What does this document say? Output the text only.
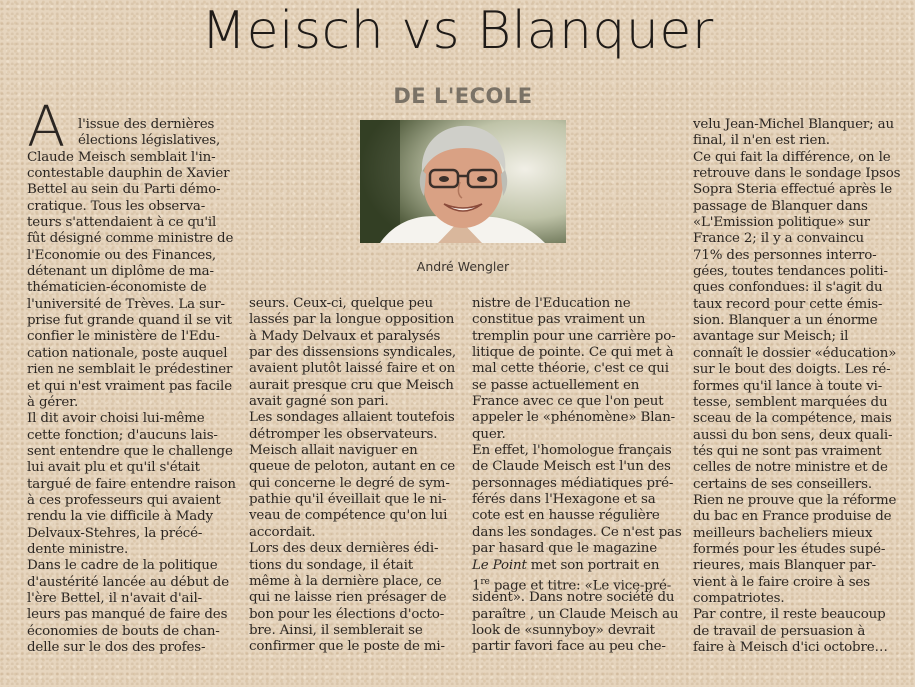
Meisch vs Blanquer
DE L'ECOLE
André Wengler
A l'issue des dernières
élections législatives,
Claude Meisch semblait l'in-
contestable dauphin de Xavier
Bettel au sein du Parti démo-
cratique. Tous les observa-
teurs s'attendaient à ce qu'il
fût désigné comme ministre de
l'Economie ou des Finances,
détenant un diplôme de ma-
thématicien-économiste de
l'université de Trèves. La sur-
prise fut grande quand il se vit
confier le ministère de l'Edu-
cation nationale, poste auquel
rien ne semblait le prédestiner
et qui n'est vraiment pas facile
à gérer.
Il dit avoir choisi lui-même
cette fonction; d'aucuns lais-
sent entendre que le challenge
lui avait plu et qu'il s'était
targué de faire entendre raison
à ces professeurs qui avaient
rendu la vie difficile à Mady
Delvaux-Stehres, la précé-
dente ministre.
Dans le cadre de la politique
d'austérité lancée au début de
l'ère Bettel, il n'avait d'ail-
leurs pas manqué de faire des
économies de bouts de chan-
delle sur le dos des profes-
seurs. Ceux-ci, quelque peu
lassés par la longue opposition
à Mady Delvaux et paralysés
par des dissensions syndicales,
avaient plutôt laissé faire et on
aurait presque cru que Meisch
avait gagné son pari.
Les sondages allaient toutefois
détromper les observateurs.
Meisch allait naviguer en
queue de peloton, autant en ce
qui concerne le degré de sym-
pathie qu'il éveillait que le ni-
veau de compétence qu'on lui
accordait.
Lors des deux dernières édi-
tions du sondage, il était
même à la dernière place, ce
qui ne laisse rien présager de
bon pour les élections d'octo-
bre. Ainsi, il semblerait se
confirmer que le poste de mi-
nistre de l'Education ne
constitue pas vraiment un
tremplin pour une carrière po-
litique de pointe. Ce qui met à
mal cette théorie, c'est ce qui
se passe actuellement en
France avec ce que l'on peut
appeler le «phénomène» Blan-
quer.
En effet, l'homologue français
de Claude Meisch est l'un des
personnages médiatiques pré-
férés dans l'Hexagone et sa
cote est en hausse régulière
dans les sondages. Ce n'est pas
par hasard que le magazine
Le Point met son portrait en
1re page et titre: «Le vice-pré-
sident». Dans notre société du
paraître , un Claude Meisch au
look de «sunnyboy» devrait
partir favori face au peu che-
velu Jean-Michel Blanquer; au
final, il n'en est rien.
Ce qui fait la différence, on le
retrouve dans le sondage Ipsos
Sopra Steria effectué après le
passage de Blanquer dans
«L'Emission politique» sur
France 2; il y a convaincu
71% des personnes interro-
gées, toutes tendances politi-
ques confondues: il s'agit du
taux record pour cette émis-
sion. Blanquer a un énorme
avantage sur Meisch; il
connaît le dossier «éducation»
sur le bout des doigts. Les ré-
formes qu'il lance à toute vi-
tesse, semblent marquées du
sceau de la compétence, mais
aussi du bon sens, deux quali-
tés qui ne sont pas vraiment
celles de notre ministre et de
certains de ses conseillers.
Rien ne prouve que la réforme
du bac en France produise de
meilleurs bacheliers mieux
formés pour les études supé-
rieures, mais Blanquer par-
vient à le faire croire à ses
compatriotes.
Par contre, il reste beaucoup
de travail de persuasion à
faire à Meisch d'ici octobre…
